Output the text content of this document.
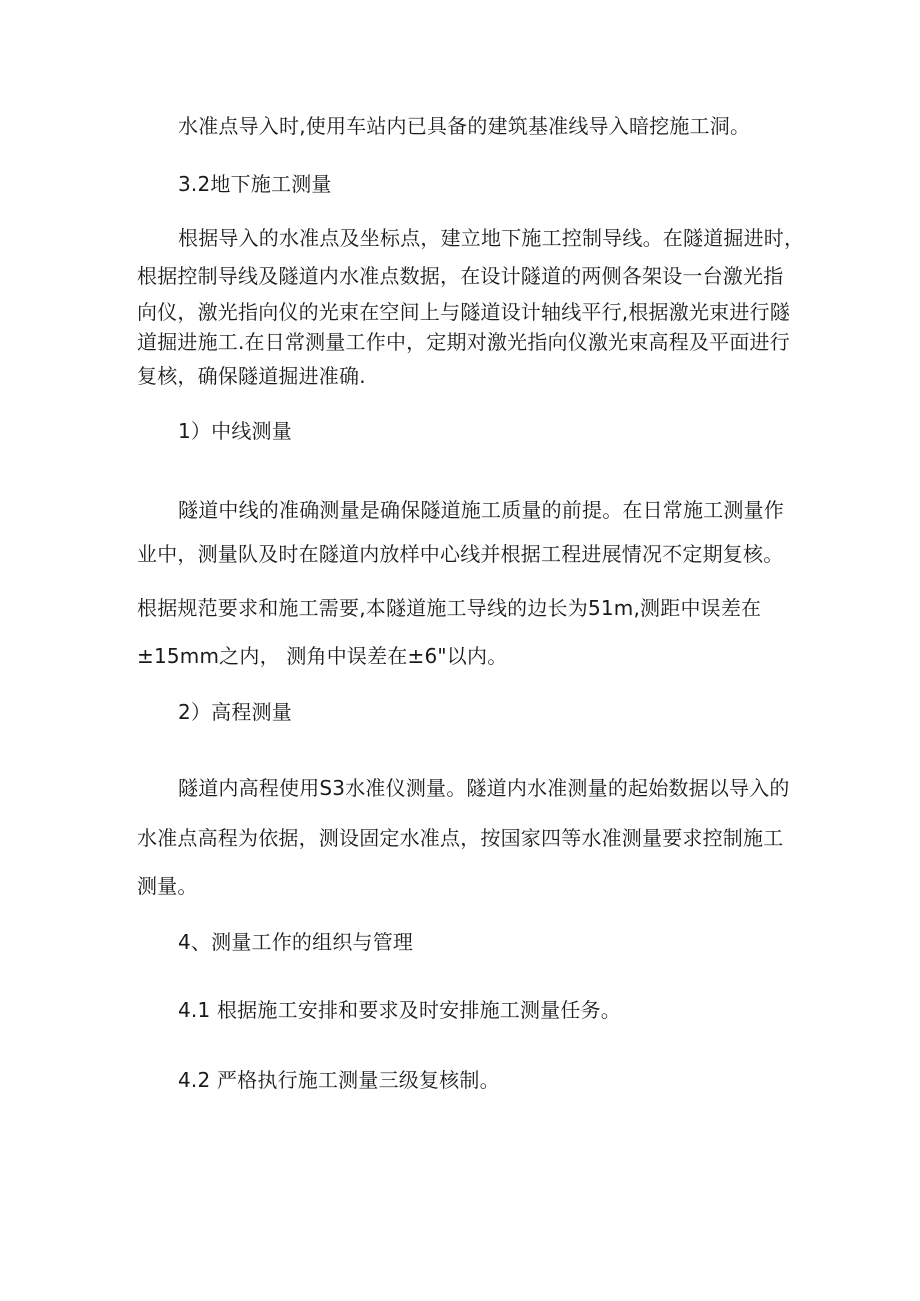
水准点导入时,使用车站内已具备的建筑基准线导入暗挖施工洞。
3.2地下施工测量
根据导入的水准点及坐标点，建立地下施工控制导线。在隧道掘进时，
根据控制导线及隧道内水准点数据，在设计隧道的两侧各架设一台激光指
向仪，激光指向仪的光束在空间上与隧道设计轴线平行,根据激光束进行隧
道掘进施工.在日常测量工作中，定期对激光指向仪激光束高程及平面进行
复核，确保隧道掘进准确.
1）中线测量
隧道中线的准确测量是确保隧道施工质量的前提。在日常施工测量作
业中，测量队及时在隧道内放样中心线并根据工程进展情况不定期复核。
根据规范要求和施工需要,本隧道施工导线的边长为51m,测距中误差在
±15mm之内， 测角中误差在±6"以内。
2）高程测量
隧道内高程使用S3水准仪测量。隧道内水准测量的起始数据以导入的
水准点高程为依据，测设固定水准点，按国家四等水准测量要求控制施工
测量。
4、测量工作的组织与管理
4.1 根据施工安排和要求及时安排施工测量任务。
4.2 严格执行施工测量三级复核制。
